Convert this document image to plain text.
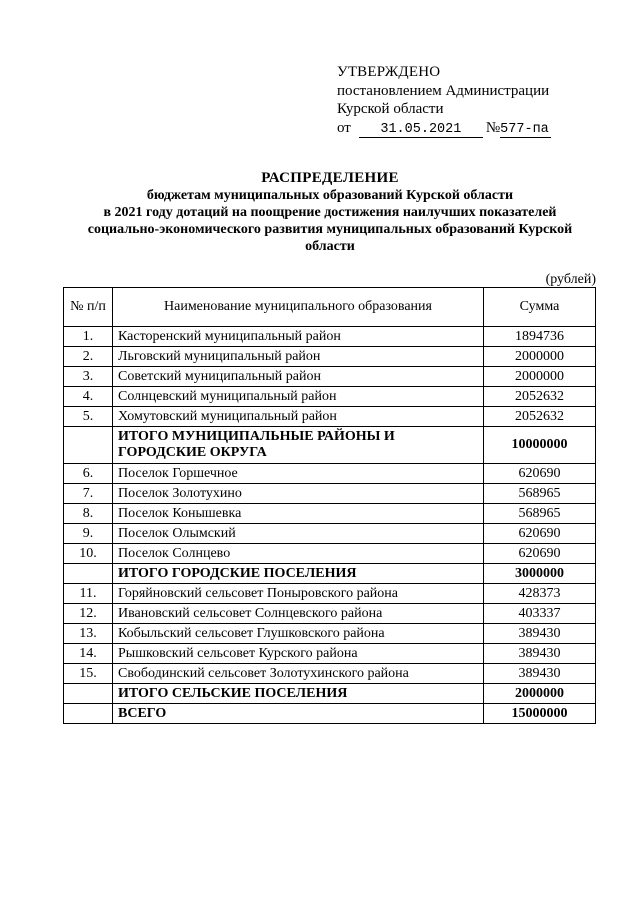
УТВЕРЖДЕНО
постановлением Администрации
Курской области
от	31.05.2021	№ 577-па
РАСПРЕДЕЛЕНИЕ
бюджетам муниципальных образований Курской области
в 2021 году дотаций на поощрение достижения наилучших показателей
социально-экономического развития муниципальных образований Курской
области
(рублей)
№ п/п	Наименование муниципального образования	Сумма
1.	Касторенский муниципальный район	1894736
2.	Льговский муниципальный район	2000000
3.	Советский муниципальный район	2000000
4.	Солнцевский муниципальный район	2052632
5.	Хомутовский муниципальный район	2052632
	ИТОГО МУНИЦИПАЛЬНЫЕ РАЙОНЫ И ГОРОДСКИЕ ОКРУГА	10000000
6.	Поселок Горшечное	620690
7.	Поселок Золотухино	568965
8.	Поселок Конышевка	568965
9.	Поселок Олымский	620690
10.	Поселок Солнцево	620690
	ИТОГО ГОРОДСКИЕ ПОСЕЛЕНИЯ	3000000
11.	Горяйновский сельсовет Поныровского района	428373
12.	Ивановский сельсовет Солнцевского района	403337
13.	Кобыльский сельсовет Глушковского района	389430
14.	Рышковский сельсовет Курского района	389430
15.	Свободинский сельсовет Золотухинского района	389430
	ИТОГО СЕЛЬСКИЕ ПОСЕЛЕНИЯ	2000000
	ВСЕГО	15000000
